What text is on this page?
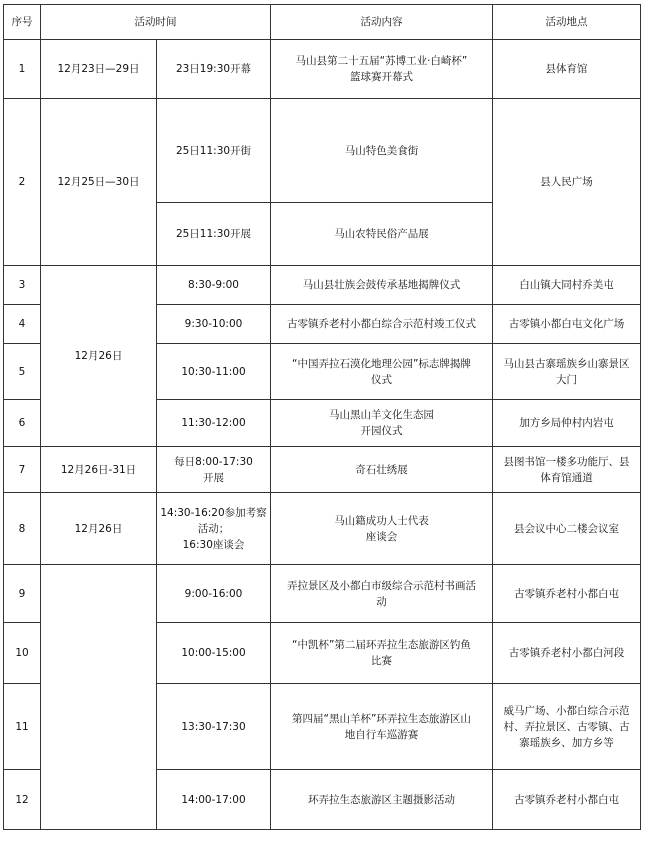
序号	活动时间		活动内容	活动地点
1	12月23日—29日	23日19:30开幕	马山县第二十五届“苏博工业·白崎杯”
篮球赛开幕式	县体育馆
2	12月25日—30日	25日11:30开街	马山特色美食街	县人民广场
		25日11:30开展	马山农特民俗产品展	
3	12月26日	8:30-9:00	马山县壮族会鼓传承基地揭牌仪式	白山镇大同村乔美屯
4		9:30-10:00	古零镇乔老村小都白综合示范村竣工仪式	古零镇小都白屯文化广场
5		10:30-11:00	“中国弄拉石漠化地理公园”标志牌揭牌
仪式	马山县古寨瑶族乡山寨景区
大门

6		11:30-12:00	马山黑山羊文化生态园
开园仪式	加方乡局仲村内岩屯
7	12月26日-31日	每日8:00-17:30
开展	奇石壮绣展	县图书馆一楼多功能厅、县
体育馆通道

8	12月26日	14:30-16:20参加考察
活动；
16:30座谈会	马山籍成功人士代表
座谈会	县会议中心二楼会议室
9		9:00-16:00	弄拉景区及小都白市级综合示范村书画活
动	古零镇乔老村小都白屯
10		10:00-15:00	“中凯杯”第二届环弄拉生态旅游区钓鱼
比赛	古零镇乔老村小都白河段
11		13:30-17:30	第四届“黑山羊杯”环弄拉生态旅游区山
地自行车巡游赛	威马广场、小都白综合示范
村、弄拉景区、古零镇、古
寨瑶族乡、加方乡等

12		14:00-17:00	环弄拉生态旅游区主题摄影活动	古零镇乔老村小都白屯
